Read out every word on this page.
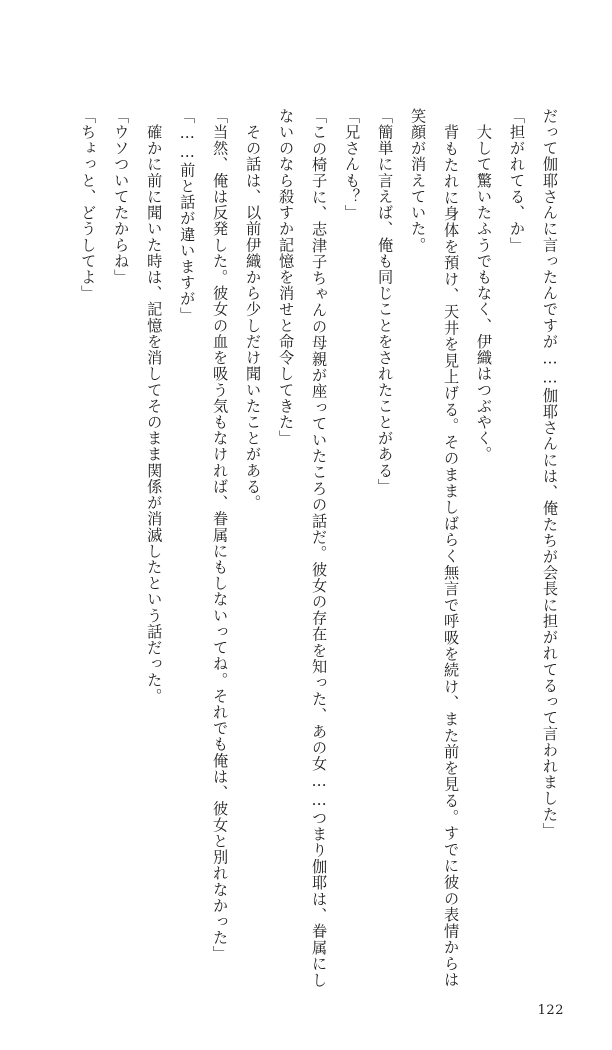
だって伽耶さんに言ったんですが……伽耶さんには、俺たちが会長に担がれてるって言われました」

「担がれてる、か」

　大して驚いたふうでもなく、伊織はつぶやく。

　背もたれに身体を預け、天井を見上げる。そのまましばらく無言で呼吸を続け、また前を見る。すでに彼の表情からは笑顔が消えていた。

「簡単に言えば、俺も同じことをされたことがある」

「兄さんも？」

「この椅子に、志津子ちゃんの母親が座っていたころの話だ。彼女の存在を知った、あの女……つまり伽耶は、眷属にしないのなら殺すか記憶を消せと命令してきた」

　その話は、以前伊織から少しだけ聞いたことがある。

「当然、俺は反発した。彼女の血を吸う気もなければ、眷属にもしないってね。それでも俺は、彼女と別れなかった」

「……前と話が違いますが」

　確かに前に聞いた時は、記憶を消してそのまま関係が消滅したという話だった。

「ウソついてたからね」

「ちょっと、どうしてよ」

122
